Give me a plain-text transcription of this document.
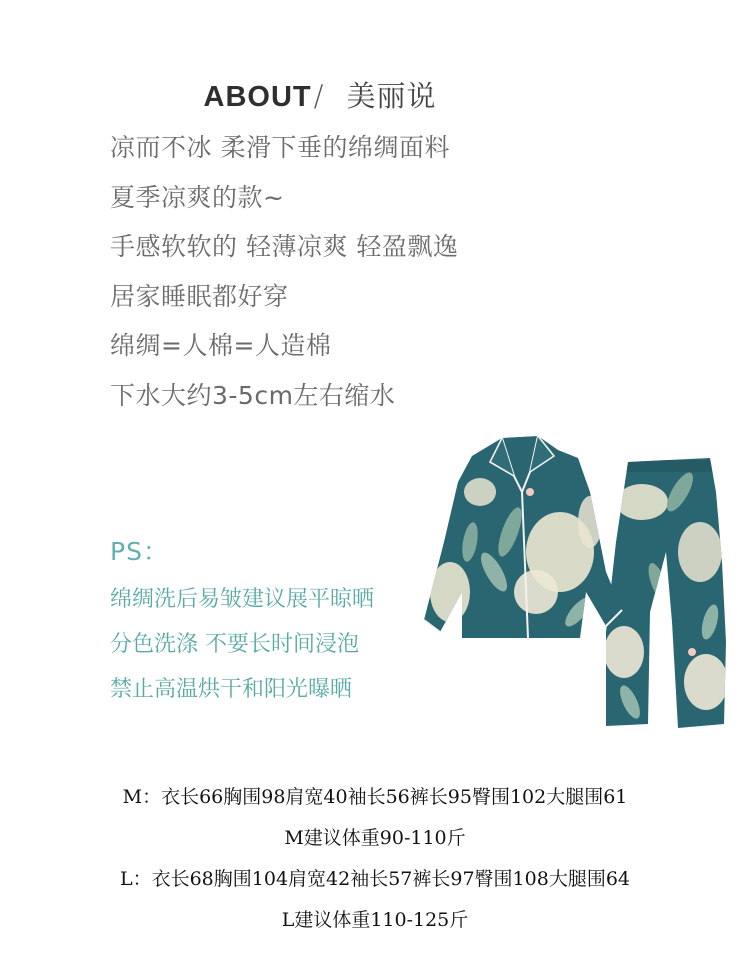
ABOUT/ 美丽说
凉而不冰 柔滑下垂的绵绸面料
夏季凉爽的款~
手感软软的 轻薄凉爽 轻盈飘逸
居家睡眠都好穿
绵绸=人棉=人造棉
下水大约3-5cm左右缩水
PS：
绵绸洗后易皱建议展平晾晒
分色洗涤 不要长时间浸泡
禁止高温烘干和阳光曝晒
M：衣长66胸围98肩宽40袖长56裤长95臀围102大腿围61
M建议体重90-110斤
L：衣长68胸围104肩宽42袖长57裤长97臀围108大腿围64
L建议体重110-125斤
